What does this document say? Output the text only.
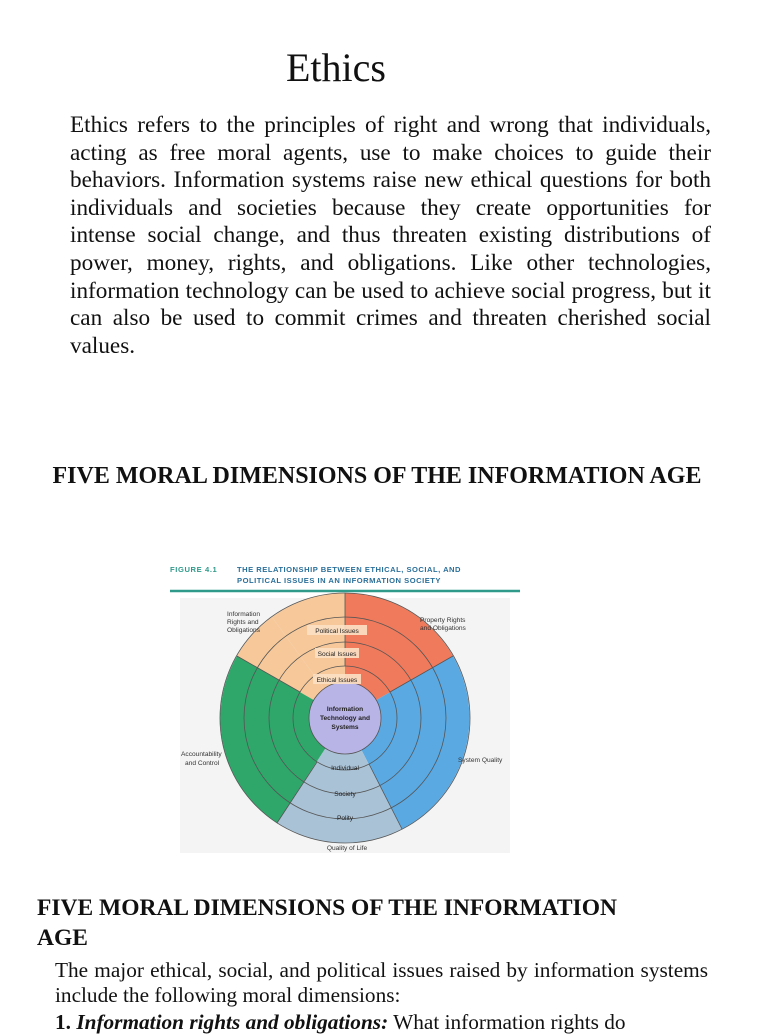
Ethics

Ethics refers to the principles of right and wrong that individuals, acting as free moral agents, use to make choices to guide their behaviors. Information systems raise new ethical questions for both individuals and societies because they create opportunities for intense social change, and thus threaten existing distributions of power, money, rights, and obligations. Like other technologies, information technology can be used to achieve social progress, but it can also be used to commit crimes and threaten cherished social values.

FIVE MORAL DIMENSIONS OF THE INFORMATION AGE
FIGURE 4.1	THE RELATIONSHIP BETWEEN ETHICAL, SOCIAL, AND
POLITICAL ISSUES IN AN INFORMATION SOCIETY
Information
Technology and
Systems
Political Issues
Social Issues
Ethical Issues
Individual
Society
Polity
Information
Rights and
Obligations
Property Rights
and Obligations
Accountability
and Control	System Quality
Quality of Life
FIVE MORAL DIMENSIONS OF THE INFORMATION
AGE

The major ethical, social, and political issues raised by information systems include the following moral dimensions:

1. Information rights and obligations: What information rights do
